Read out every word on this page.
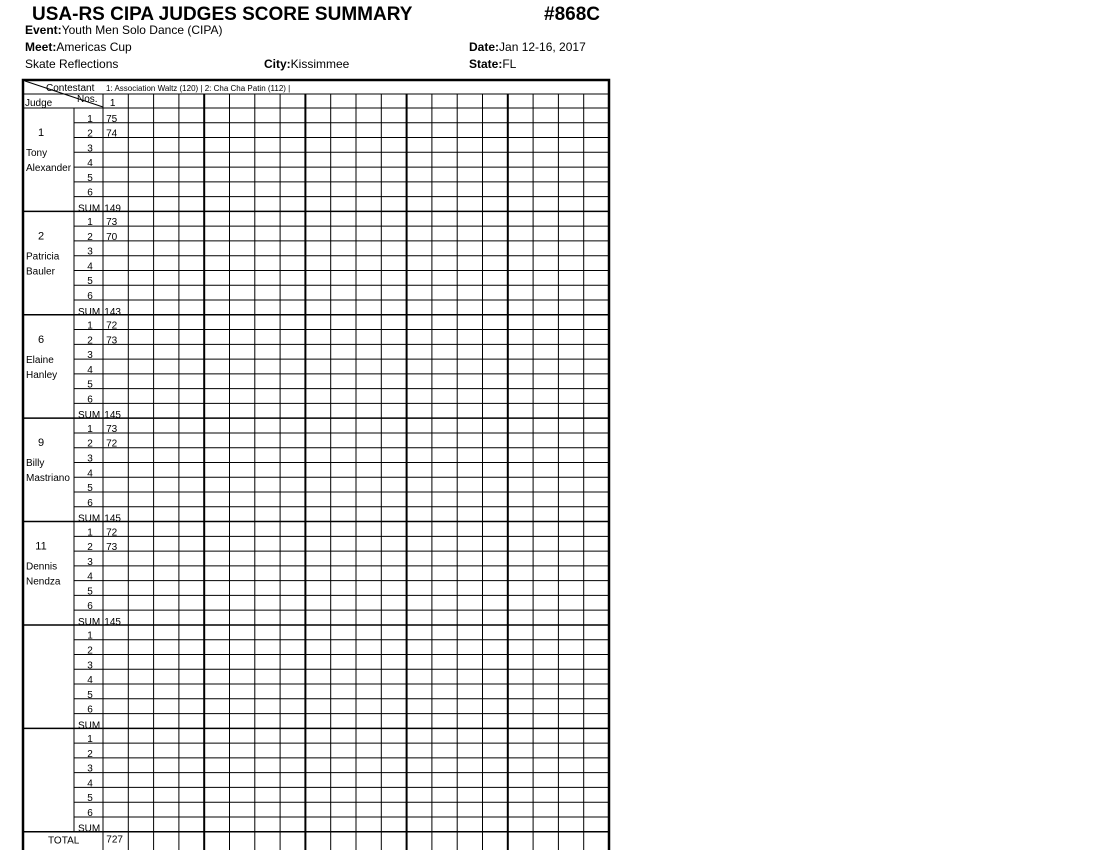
USA-RS CIPA JUDGES SCORE SUMMARY	#868C
Event:Youth Men Solo Dance (CIPA)
Meet:Americas Cup	Date:Jan 12-16, 2017
Skate Reflections	City:Kissimmee	State:FL
Contestant
Nos.
Judge
1: Association Waltz (120) | 2: Cha Cha Patin (112) |
1
1
Tony
Alexander
1 75
2 74
3
4
5
6
SUM 149
2
Patricia
Bauler
1 73
2 70
3
4
5
6
SUM 143
6
Elaine
Hanley
1 72
2 73
3
4
5
6
SUM 145
9
Billy
Mastriano
1 73
2 72
3
4
5
6
SUM 145
11
Dennis
Nendza
1 72
2 73
3
4
5
6
SUM 145
1
2
3
4
5
6
SUM
1
2
3
4
5
6
SUM
TOTAL	727
